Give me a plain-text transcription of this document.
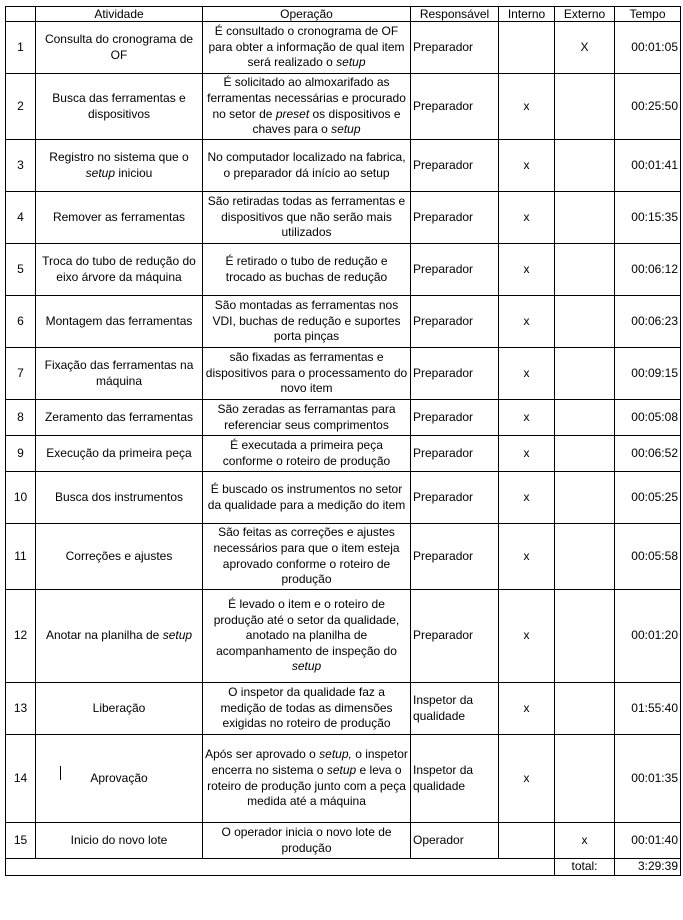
	Atividade	Operação	Responsável	Interno	Externo	Tempo
1	Consulta do cronograma de OF	É consultado o cronograma de OF para obter a informação de qual item será realizado o setup	Preparador		X	00:01:05
2	Busca das ferramentas e dispositivos	É solicitado ao almoxarifado as ferramentas necessárias e procurado no setor de preset os dispositivos e chaves para o setup	Preparador	x		00:25:50
3	Registro no sistema que o setup iniciou	No computador localizado na fabrica, o preparador dá início ao setup	Preparador	x		00:01:41
4	Remover as ferramentas	São retiradas todas as ferramentas e dispositivos que não serão mais utilizados	Preparador	x		00:15:35
5	Troca do tubo de redução do eixo árvore da máquina	É retirado o tubo de redução e trocado as buchas de redução	Preparador	x		00:06:12
6	Montagem das ferramentas	São montadas as ferramentas nos VDI, buchas de redução e suportes porta pinças	Preparador	x		00:06:23
7	Fixação das ferramentas na máquina	são fixadas as ferramentas e dispositivos para o processamento do novo item	Preparador	x		00:09:15
8	Zeramento das ferramentas	São zeradas as ferramantas para referenciar seus comprimentos	Preparador	x		00:05:08
9	Execução da primeira peça	É executada a primeira peça conforme o roteiro de produção	Preparador	x		00:06:52
10	Busca dos instrumentos	É buscado os instrumentos no setor da qualidade para a medição do item	Preparador	x		00:05:25
11	Correções e ajustes	São feitas as correções e ajustes necessários para que o item esteja aprovado conforme o roteiro de produção	Preparador	x		00:05:58
12	Anotar na planilha de setup	É levado o item e o roteiro de produção até o setor da qualidade, anotado na planilha de acompanhamento de inspeção do setup	Preparador	x		00:01:20
13	Liberação	O inspetor da qualidade faz a medição de todas as dimensões exigidas no roteiro de produção	Inspetor da qualidade	x		01:55:40
14	Aprovação	Após ser aprovado o setup, o inspetor encerra no sistema o setup e leva o roteiro de produção junto com a peça medida até a máquina	Inspetor da qualidade	x		00:01:35
15	Inicio do novo lote	O operador inicia o novo lote de produção	Operador		x	00:01:40
					total:	3:29:39
